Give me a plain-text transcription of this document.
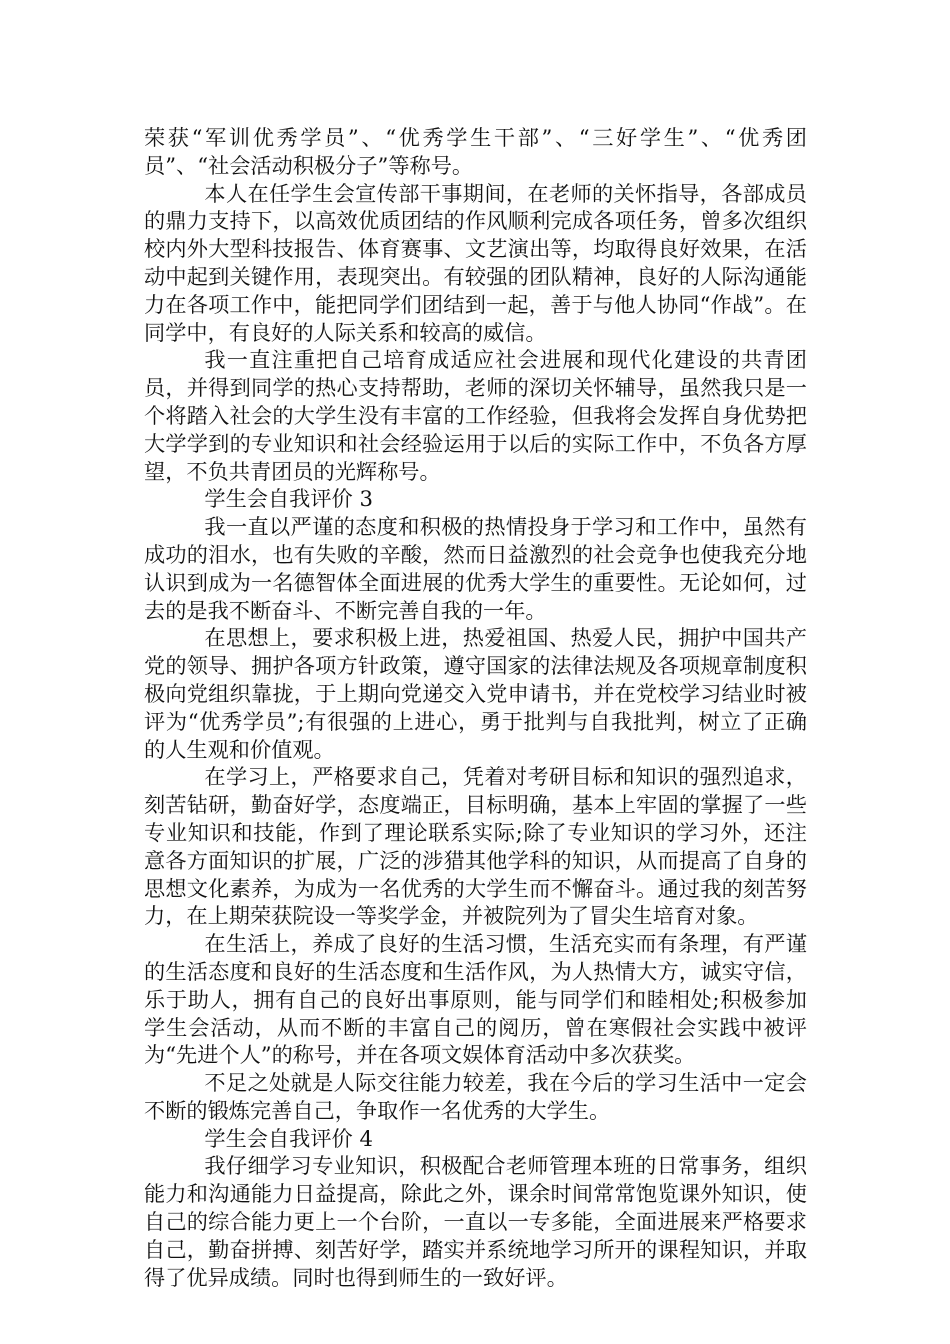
荣获“军训优秀学员”、“优秀学生干部”、“三好学生”、“优秀团员”、“社会活动积极分子”等称号。

本人在任学生会宣传部干事期间，在老师的关怀指导，各部成员的鼎力支持下，以高效优质团结的作风顺利完成各项任务，曾多次组织校内外大型科技报告、体育赛事、文艺演出等，均取得良好效果，在活动中起到关键作用，表现突出。有较强的团队精神，良好的人际沟通能力在各项工作中，能把同学们团结到一起，善于与他人协同“作战”。在同学中，有良好的人际关系和较高的威信。

我一直注重把自己培育成适应社会进展和现代化建设的共青团员，并得到同学的热心支持帮助，老师的深切关怀辅导，虽然我只是一个将踏入社会的大学生没有丰富的工作经验，但我将会发挥自身优势把大学学到的专业知识和社会经验运用于以后的实际工作中，不负各方厚望，不负共青团员的光辉称号。

学生会自我评价 3

我一直以严谨的态度和积极的热情投身于学习和工作中，虽然有成功的泪水，也有失败的辛酸，然而日益激烈的社会竞争也使我充分地认识到成为一名德智体全面进展的优秀大学生的重要性。无论如何，过去的是我不断奋斗、不断完善自我的一年。

在思想上，要求积极上进，热爱祖国、热爱人民，拥护中国共产党的领导、拥护各项方针政策，遵守国家的法律法规及各项规章制度积极向党组织靠拢，于上期向党递交入党申请书，并在党校学习结业时被评为“优秀学员”;有很强的上进心，勇于批判与自我批判，树立了正确的人生观和价值观。

在学习上，严格要求自己，凭着对考研目标和知识的强烈追求，刻苦钻研，勤奋好学，态度端正，目标明确，基本上牢固的掌握了一些专业知识和技能，作到了理论联系实际;除了专业知识的学习外，还注意各方面知识的扩展，广泛的涉猎其他学科的知识，从而提高了自身的思想文化素养，为成为一名优秀的大学生而不懈奋斗。通过我的刻苦努力，在上期荣获院设一等奖学金，并被院列为了冒尖生培育对象。

在生活上，养成了良好的生活习惯，生活充实而有条理，有严谨的生活态度和良好的生活态度和生活作风，为人热情大方，诚实守信，乐于助人，拥有自己的良好出事原则，能与同学们和睦相处;积极参加学生会活动，从而不断的丰富自己的阅历，曾在寒假社会实践中被评为“先进个人”的称号，并在各项文娱体育活动中多次获奖。

不足之处就是人际交往能力较差，我在今后的学习生活中一定会不断的锻炼完善自己，争取作一名优秀的大学生。

学生会自我评价 4

我仔细学习专业知识，积极配合老师管理本班的日常事务，组织能力和沟通能力日益提高，除此之外，课余时间常常饱览课外知识，使自己的综合能力更上一个台阶，一直以一专多能，全面进展来严格要求自己，勤奋拼搏、刻苦好学，踏实并系统地学习所开的课程知识，并取得了优异成绩。同时也得到师生的一致好评。
